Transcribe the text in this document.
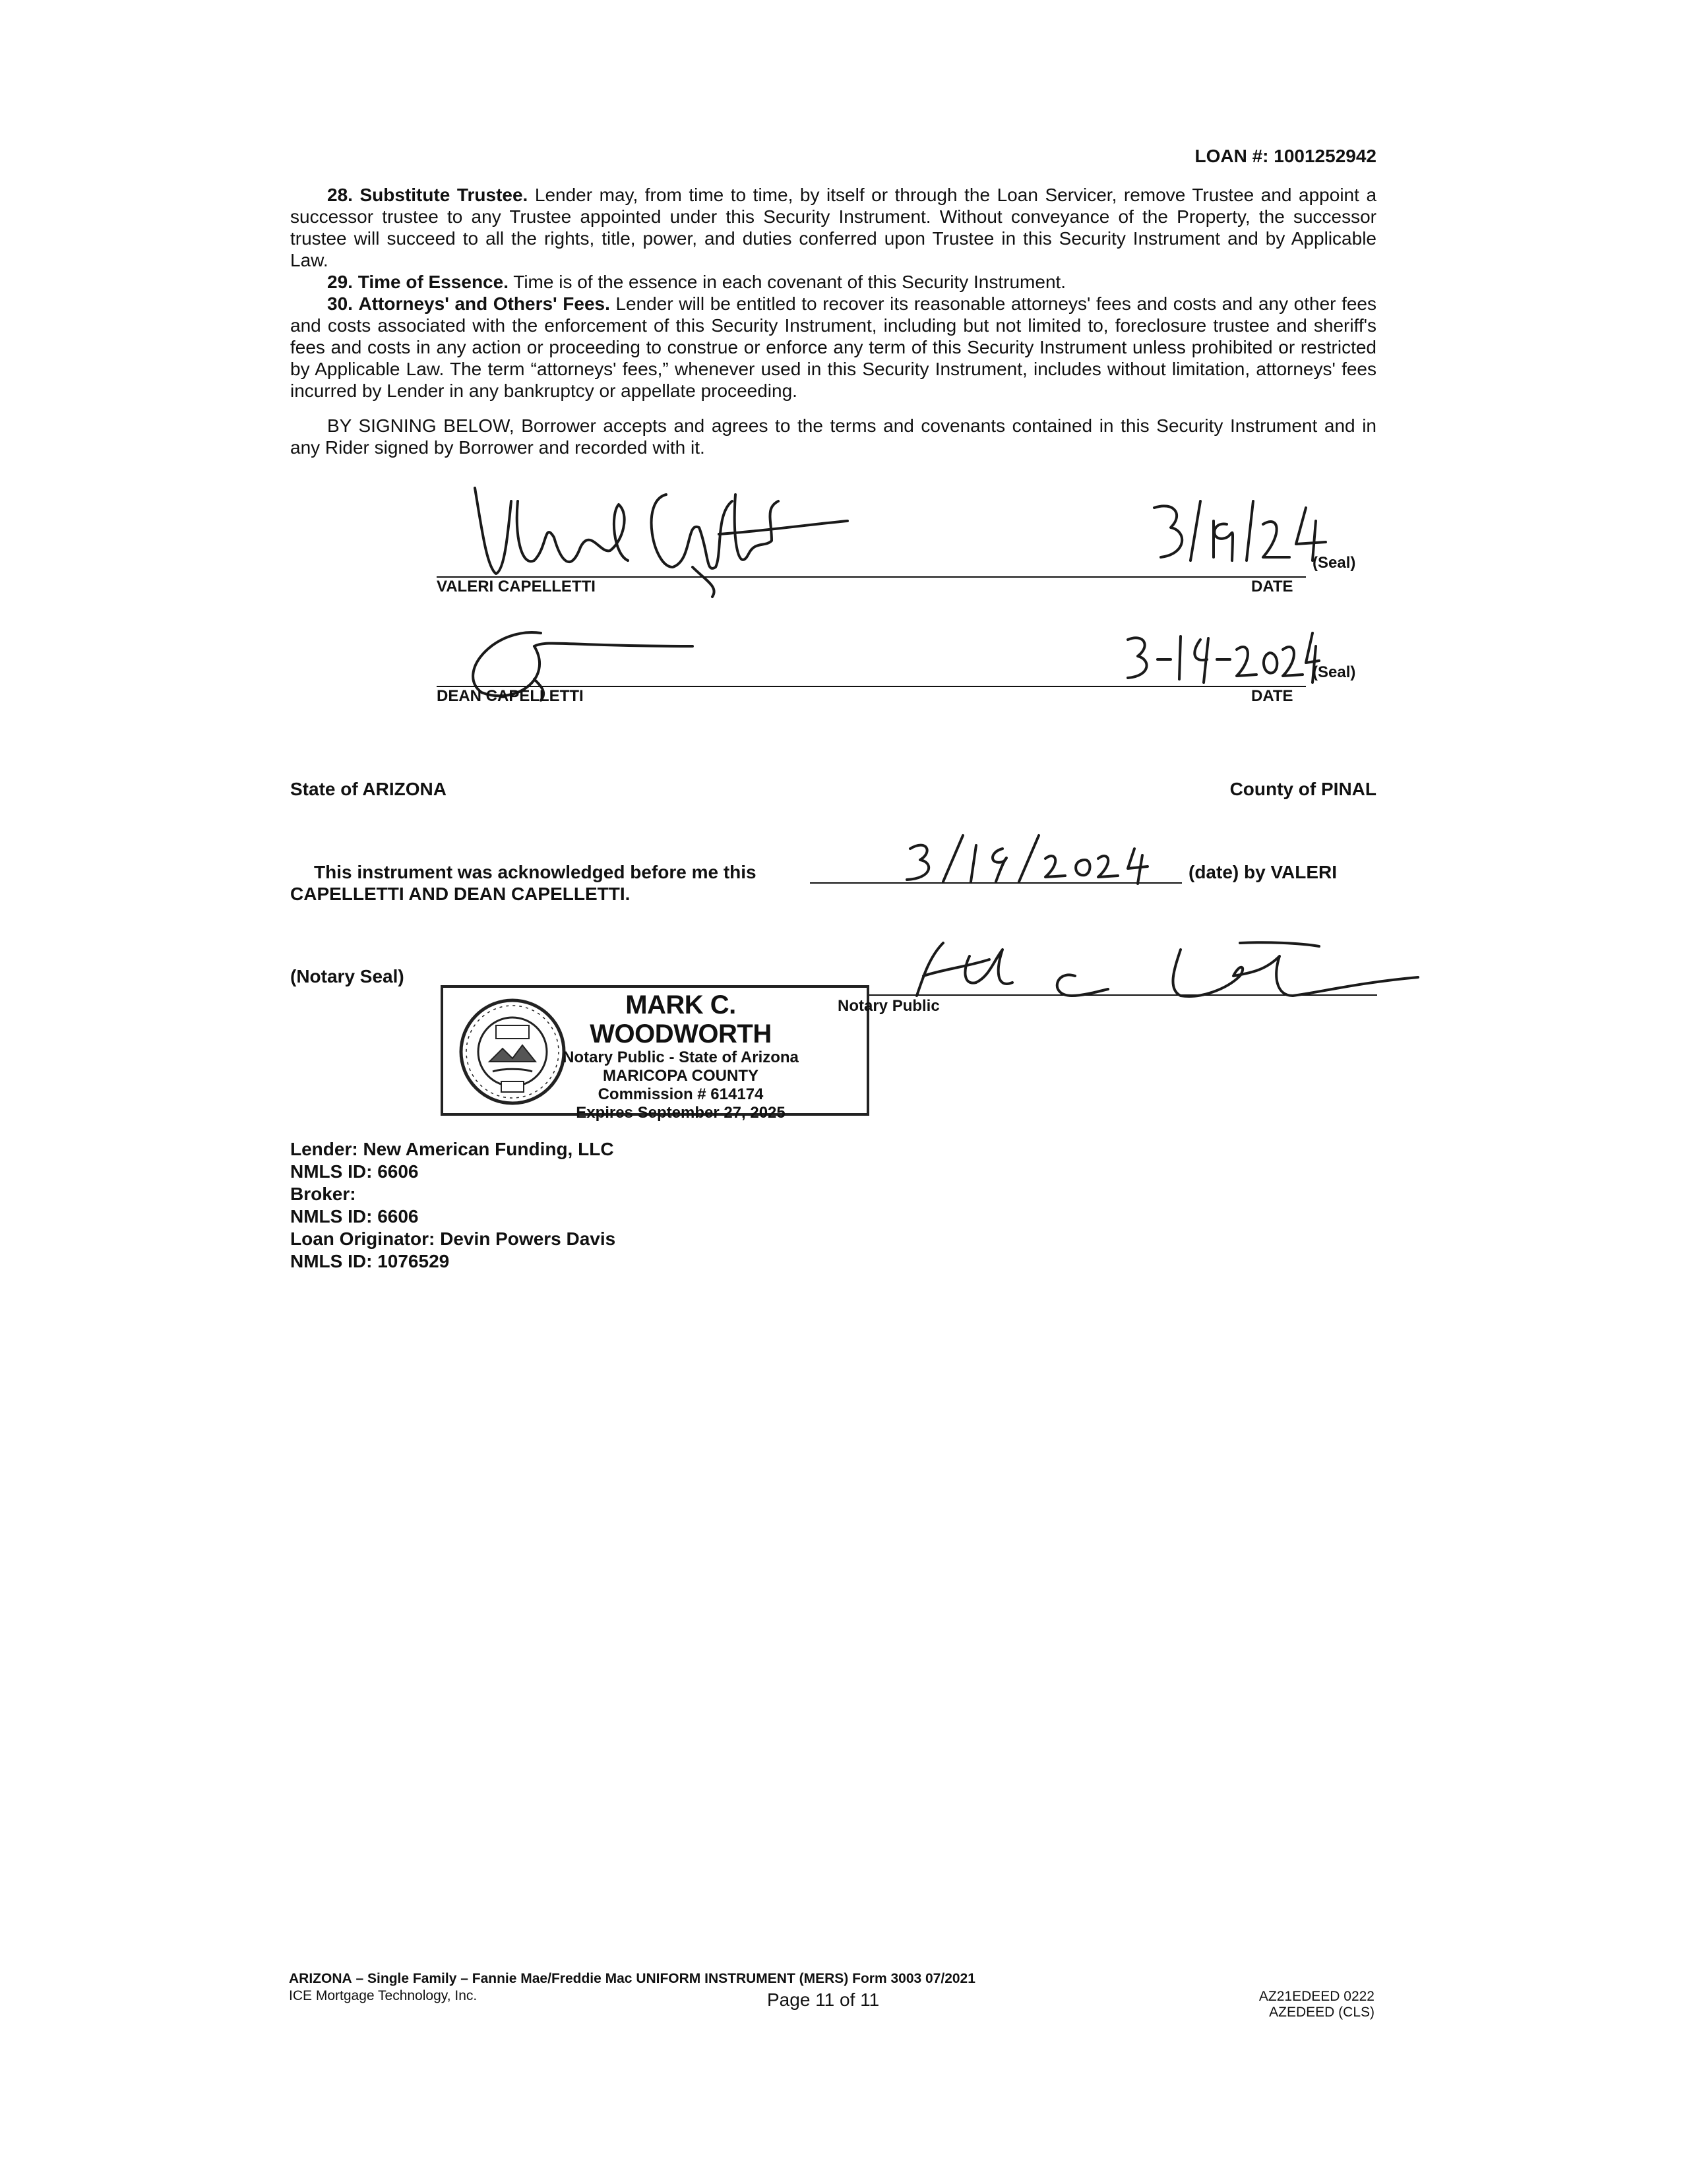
LOAN #: 1001252942

28. Substitute Trustee. Lender may, from time to time, by itself or through the Loan Servicer, remove Trustee and appoint a successor trustee to any Trustee appointed under this Security Instrument. Without conveyance of the Property, the successor trustee will succeed to all the rights, title, power, and duties conferred upon Trustee in this Security Instrument and by Applicable Law.

29. Time of Essence. Time is of the essence in each covenant of this Security Instrument.

30. Attorneys' and Others' Fees. Lender will be entitled to recover its reasonable attorneys' fees and costs and any other fees and costs associated with the enforcement of this Security Instrument, including but not limited to, foreclosure trustee and sheriff's fees and costs in any action or proceeding to construe or enforce any term of this Security Instrument unless prohibited or restricted by Applicable Law. The term “attorneys' fees,” whenever used in this Security Instrument, includes without limitation, attorneys' fees incurred by Lender in any bankruptcy or appellate proceeding.

BY SIGNING BELOW, Borrower accepts and agrees to the terms and covenants contained in this Security Instrument and in any Rider signed by Borrower and recorded with it.

VALERI CAPELLETTI	DATE
(Seal)
DEAN CAPELLETTI	DATE
(Seal)
State of ARIZONA	County of PINAL
This instrument was acknowledged before me this	(date) by VALERI
CAPELLETTI AND DEAN CAPELLETTI.
(Notary Seal)
MARK C. WOODWORTH
Notary Public - State of Arizona
MARICOPA COUNTY
Commission # 614174
Expires September 27, 2025
Notary Public
Lender: New American Funding, LLC
NMLS ID: 6606
Broker:
NMLS ID: 6606
Loan Originator: Devin Powers Davis
NMLS ID: 1076529
ARIZONA – Single Family – Fannie Mae/Freddie Mac UNIFORM INSTRUMENT (MERS) Form 3003 07/2021
ICE Mortgage Technology, Inc.	Page 11 of 11	AZ21EDEED 0222
AZEDEED (CLS)
